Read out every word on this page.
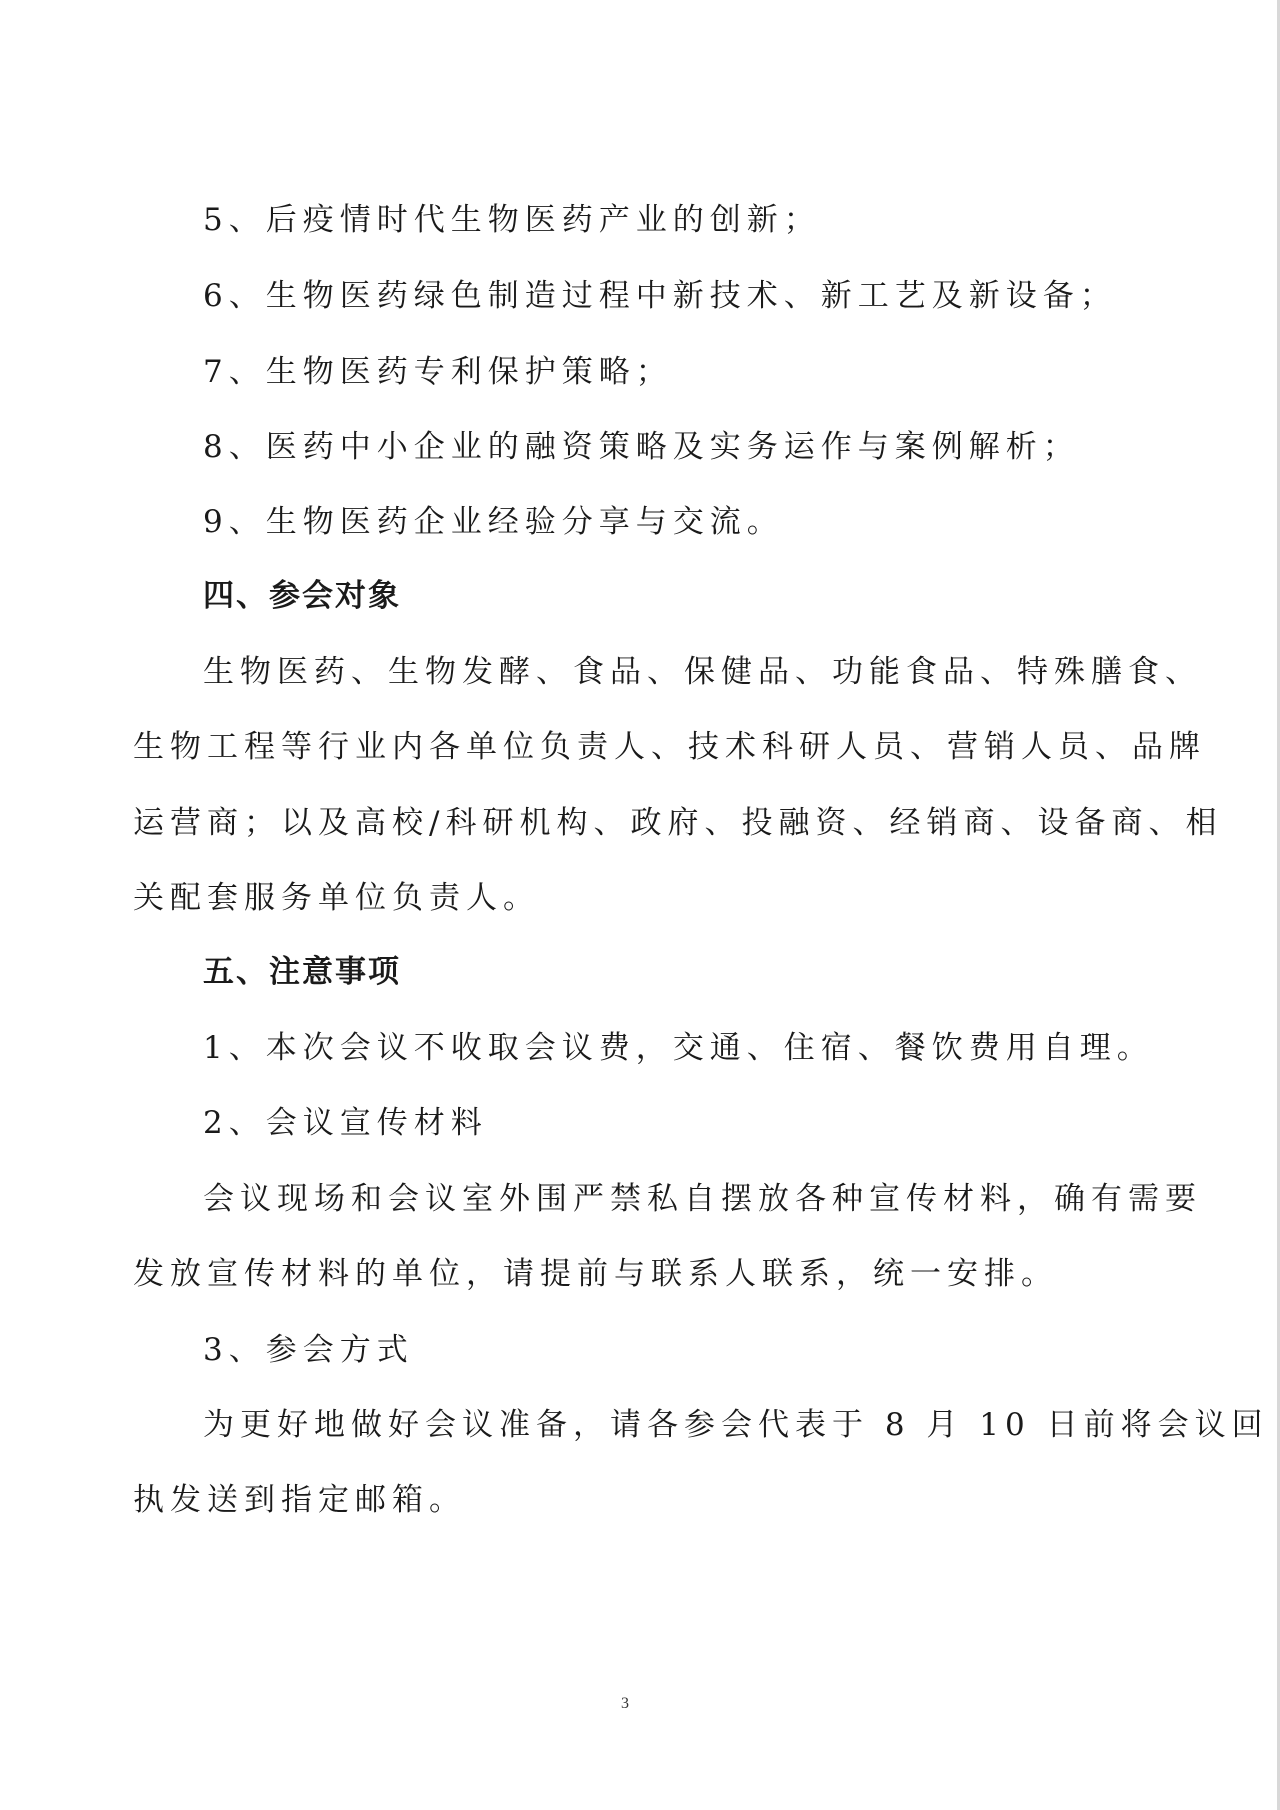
5、后疫情时代生物医药产业的创新；
6、生物医药绿色制造过程中新技术、新工艺及新设备；
7、生物医药专利保护策略；
8、医药中小企业的融资策略及实务运作与案例解析；
9、生物医药企业经验分享与交流。
四、参会对象
生物医药、生物发酵、食品、保健品、功能食品、特殊膳食、
生物工程等行业内各单位负责人、技术科研人员、营销人员、品牌
运营商；以及高校/科研机构、政府、投融资、经销商、设备商、相
关配套服务单位负责人。
五、注意事项
1、本次会议不收取会议费，交通、住宿、餐饮费用自理。
2、会议宣传材料
会议现场和会议室外围严禁私自摆放各种宣传材料，确有需要
发放宣传材料的单位，请提前与联系人联系，统一安排。
3、参会方式
为更好地做好会议准备，请各参会代表于 8 月 10 日前将会议回
执发送到指定邮箱。
3
